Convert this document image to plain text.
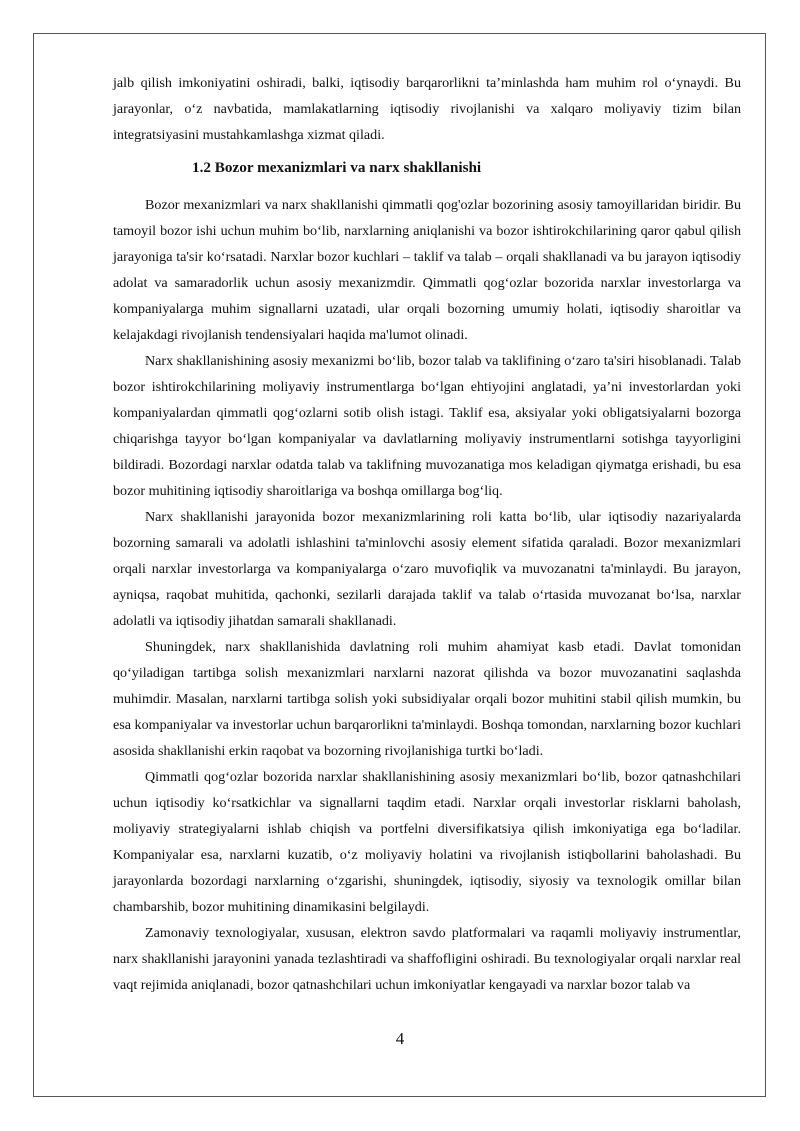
jalb qilish imkoniyatini oshiradi, balki, iqtisodiy barqarorlikni ta’minlashda ham muhim rol o‘ynaydi. Bu jarayonlar, o‘z navbatida, mamlakatlarning iqtisodiy rivojlanishi va xalqaro moliyaviy tizim bilan integratsiyasini mustahkamlashga xizmat qiladi.

1.2 Bozor mexanizmlari va narx shakllanishi

Bozor mexanizmlari va narx shakllanishi qimmatli qog'ozlar bozorining asosiy tamoyillaridan biridir. Bu tamoyil bozor ishi uchun muhim bo‘lib, narxlarning aniqlanishi va bozor ishtirokchilarining qaror qabul qilish jarayoniga ta'sir ko‘rsatadi. Narxlar bozor kuchlari – taklif va talab – orqali shakllanadi va bu jarayon iqtisodiy adolat va samaradorlik uchun asosiy mexanizmdir. Qimmatli qog‘ozlar bozorida narxlar investorlarga va kompaniyalarga muhim signallarni uzatadi, ular orqali bozorning umumiy holati, iqtisodiy sharoitlar va kelajakdagi rivojlanish tendensiyalari haqida ma'lumot olinadi.

Narx shakllanishining asosiy mexanizmi bo‘lib, bozor talab va taklifining o‘zaro ta'siri hisoblanadi. Talab bozor ishtirokchilarining moliyaviy instrumentlarga bo‘lgan ehtiyojini anglatadi, ya’ni investorlardan yoki kompaniyalardan qimmatli qog‘ozlarni sotib olish istagi. Taklif esa, aksiyalar yoki obligatsiyalarni bozorga chiqarishga tayyor bo‘lgan kompaniyalar va davlatlarning moliyaviy instrumentlarni sotishga tayyorligini bildiradi. Bozordagi narxlar odatda talab va taklifning muvozanatiga mos keladigan qiymatga erishadi, bu esa bozor muhitining iqtisodiy sharoitlariga va boshqa omillarga bog‘liq.

Narx shakllanishi jarayonida bozor mexanizmlarining roli katta bo‘lib, ular iqtisodiy nazariyalarda bozorning samarali va adolatli ishlashini ta'minlovchi asosiy element sifatida qaraladi. Bozor mexanizmlari orqali narxlar investorlarga va kompaniyalarga o‘zaro muvofiqlik va muvozanatni ta'minlaydi. Bu jarayon, ayniqsa, raqobat muhitida, qachonki, sezilarli darajada taklif va talab o‘rtasida muvozanat bo‘lsa, narxlar adolatli va iqtisodiy jihatdan samarali shakllanadi.

Shuningdek, narx shakllanishida davlatning roli muhim ahamiyat kasb etadi. Davlat tomonidan qo‘yiladigan tartibga solish mexanizmlari narxlarni nazorat qilishda va bozor muvozanatini saqlashda muhimdir. Masalan, narxlarni tartibga solish yoki subsidiyalar orqali bozor muhitini stabil qilish mumkin, bu esa kompaniyalar va investorlar uchun barqarorlikni ta'minlaydi. Boshqa tomondan, narxlarning bozor kuchlari asosida shakllanishi erkin raqobat va bozorning rivojlanishiga turtki bo‘ladi.

Qimmatli qog‘ozlar bozorida narxlar shakllanishining asosiy mexanizmlari bo‘lib, bozor qatnashchilari uchun iqtisodiy ko‘rsatkichlar va signallarni taqdim etadi. Narxlar orqali investorlar risklarni baholash, moliyaviy strategiyalarni ishlab chiqish va portfelni diversifikatsiya qilish imkoniyatiga ega bo‘ladilar. Kompaniyalar esa, narxlarni kuzatib, o‘z moliyaviy holatini va rivojlanish istiqbollarini baholashadi. Bu jarayonlarda bozordagi narxlarning o‘zgarishi, shuningdek, iqtisodiy, siyosiy va texnologik omillar bilan chambarshib, bozor muhitining dinamikasini belgilaydi.

Zamonaviy texnologiyalar, xususan, elektron savdo platformalari va raqamli moliyaviy instrumentlar, narx shakllanishi jarayonini yanada tezlashtiradi va shaffofligini oshiradi. Bu texnologiyalar orqali narxlar real vaqt rejimida aniqlanadi, bozor qatnashchilari uchun imkoniyatlar kengayadi va narxlar bozor talab va

4
